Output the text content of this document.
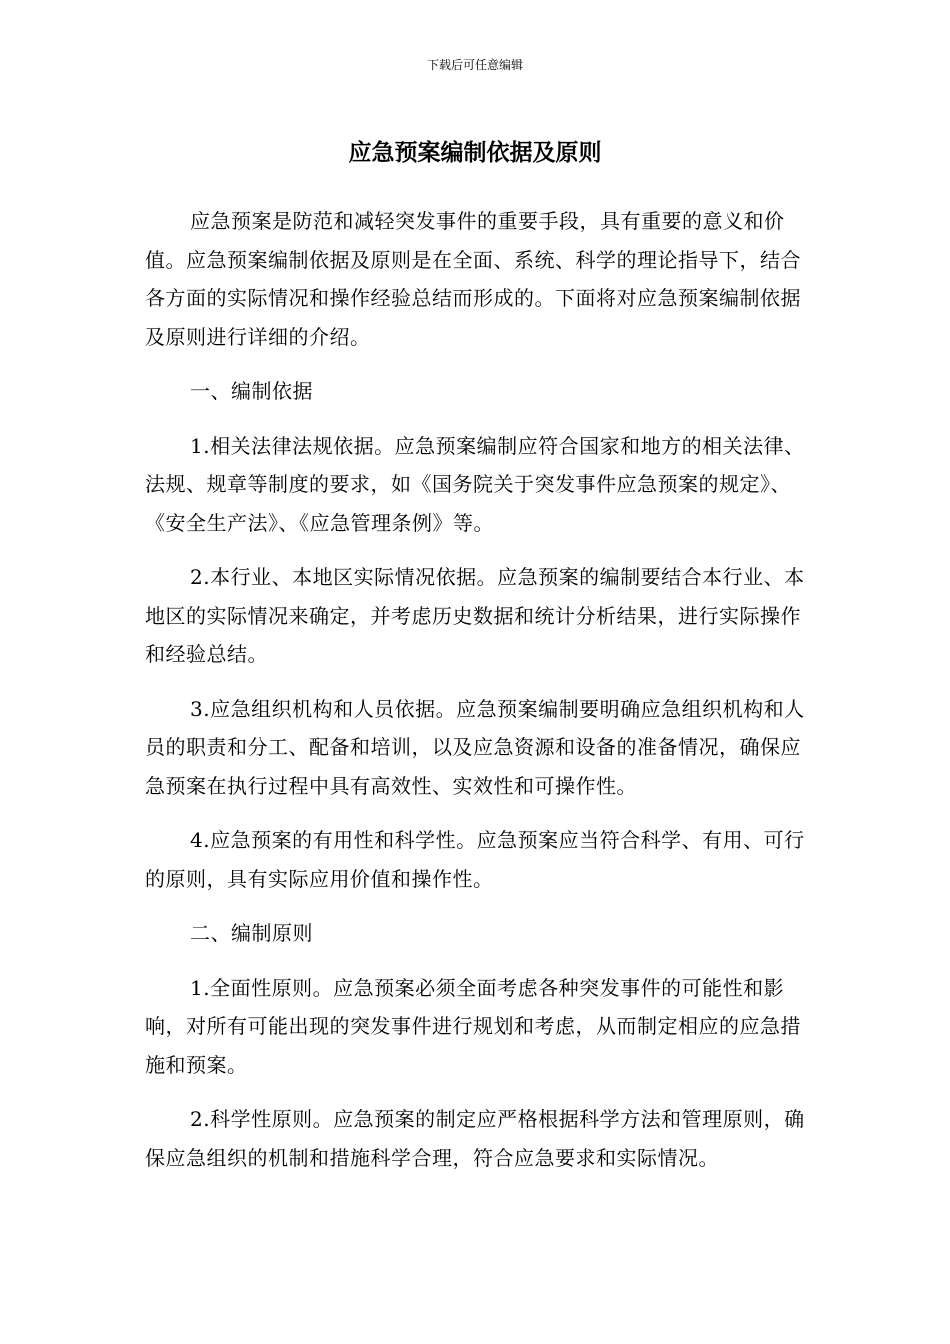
下载后可任意编辑
应急预案编制依据及原则

应急预案是防范和减轻突发事件的重要手段，具有重要的意义和价值。应急预案编制依据及原则是在全面、系统、科学的理论指导下，结合各方面的实际情况和操作经验总结而形成的。下面将对应急预案编制依据及原则进行详细的介绍。

一、编制依据

1.相关法律法规依据。应急预案编制应符合国家和地方的相关法律、法规、规章等制度的要求，如《国务院关于突发事件应急预案的规定》、《安全生产法》、《应急管理条例》等。

2.本行业、本地区实际情况依据。应急预案的编制要结合本行业、本地区的实际情况来确定，并考虑历史数据和统计分析结果，进行实际操作和经验总结。

3.应急组织机构和人员依据。应急预案编制要明确应急组织机构和人员的职责和分工、配备和培训，以及应急资源和设备的准备情况，确保应急预案在执行过程中具有高效性、实效性和可操作性。

4.应急预案的有用性和科学性。应急预案应当符合科学、有用、可行的原则，具有实际应用价值和操作性。

二、编制原则

1.全面性原则。应急预案必须全面考虑各种突发事件的可能性和影响，对所有可能出现的突发事件进行规划和考虑，从而制定相应的应急措施和预案。

2.科学性原则。应急预案的制定应严格根据科学方法和管理原则，确保应急组织的机制和措施科学合理，符合应急要求和实际情况。
